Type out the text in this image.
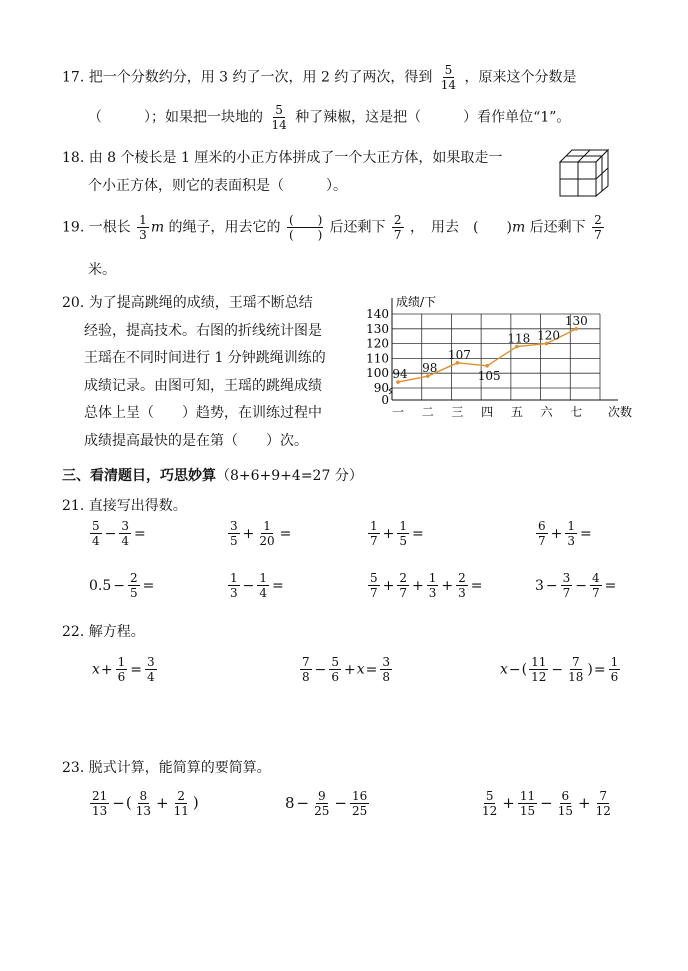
17. 把一个分数约分，用 3 约了一次，用 2 约了两次，得到 $\frac{5}{14}$ ，原来这个分数是
（　　　）；如果把一块地的 $\frac{5}{14}$ 种了辣椒，这是把（　　　）看作单位“1”。
18. 由 8 个棱长是 1 厘米的小正方体拼成了一个大正方体，如果取走一
个小正方体，则它的表面积是（　　　）。
19. 一根长 $\frac{1}{3}$ m 的绳子，用去它的 $\frac{( )}{( )}$ 后还剩下 $\frac{2}{7}$ ，　用去　(　　)m 后还剩下 $\frac{2}{7}$
米。
20. 为了提高跳绳的成绩，王瑶不断总结
经验，提高技术。右图的折线统计图是
王瑶在不同时间进行 1 分钟跳绳训练的
成绩记录。由图可知，王瑶的跳绳成绩
总体上呈（　　）趋势，在训练过程中
成绩提高最快的是在第（　　）次。
成绩/下
140
130
120
110
100
90
0
一 二 三 四 五 六 七 次数
94 98
107
105
118 120
130
三、看清题目，巧思妙算（8+6+9+4=27 分）
21. 直接写出得数。
$\frac{5}{4} - \frac{3}{4}$ =	$\frac{3}{5} + \frac{1}{20}$ =	$\frac{1}{7} + \frac{1}{5}$ =	$\frac{6}{7} + \frac{1}{3}$ =
$0.5 - \frac{2}{5}$ =	$\frac{1}{3} - \frac{1}{4}$ =	$\frac{5}{7} + \frac{2}{7} + \frac{1}{3} + \frac{2}{3}$ =	$3 - \frac{3}{7} - \frac{4}{7}$ =
22. 解方程。
$x+ \frac{1}{6} = \frac{3}{4}$	$\frac{7}{8} - \frac{5}{6} +x= \frac{3}{8}$	$x-( \frac{11}{12} - \frac{7}{18}$ )= $\frac{1}{6}$
23. 脱式计算，能简算的要简算。
$\frac{21}{13}$ −( $\frac{8}{13} + \frac{2}{11}$ )	$8 - \frac{9}{25} - \frac{16}{25}$	$\frac{5}{12} + \frac{11}{15} - \frac{6}{15} + \frac{7}{12}$
